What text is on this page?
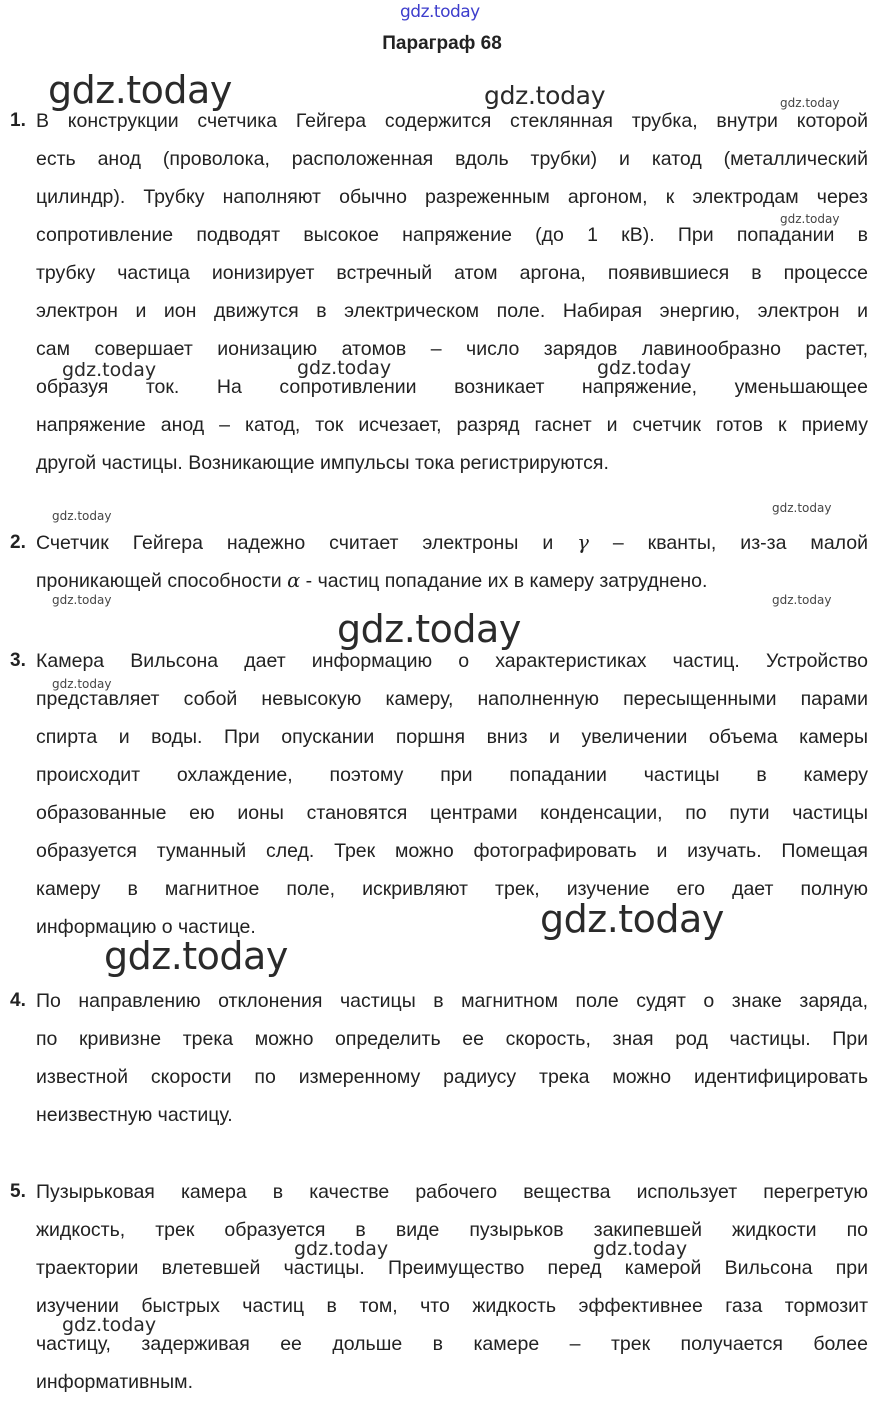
gdz.today
Параграф 68
1. В конструкции счетчика Гейгера содержится стеклянная трубка, внутри которой
есть анод (проволока, расположенная вдоль трубки) и катод (металлический
цилиндр). Трубку наполняют обычно разреженным аргоном, к электродам через
сопротивление подводят высокое напряжение (до 1 кВ). При попадании в
трубку частица ионизирует встречный атом аргона, появившиеся в процессе
электрон и ион движутся в электрическом поле. Набирая энергию, электрон и
сам совершает ионизацию атомов – число зарядов лавинообразно растет,
образуя ток. На сопротивлении возникает напряжение, уменьшающее
напряжение анод – катод, ток исчезает, разряд гаснет и счетчик готов к приему
другой частицы. Возникающие импульсы тока регистрируются.
2. Счетчик Гейгера надежно считает электроны и γ – кванты, из-за малой
проникающей способности α - частиц попадание их в камеру затруднено.
3. Камера Вильсона дает информацию о характеристиках частиц. Устройство
представляет собой невысокую камеру, наполненную пересыщенными парами
спирта и воды. При опускании поршня вниз и увеличении объема камеры
происходит охлаждение, поэтому при попадании частицы в камеру
образованные ею ионы становятся центрами конденсации, по пути частицы
образуется туманный след. Трек можно фотографировать и изучать. Помещая
камеру в магнитное поле, искривляют трек, изучение его дает полную
информацию о частице.
4. По направлению отклонения частицы в магнитном поле судят о знаке заряда,
по кривизне трека можно определить ее скорость, зная род частицы. При
известной скорости по измеренному радиусу трека можно идентифицировать
неизвестную частицу.
5. Пузырьковая камера в качестве рабочего вещества использует перегретую
жидкость, трек образуется в виде пузырьков закипевшей жидкости по
траектории влетевшей частицы. Преимущество перед камерой Вильсона при
изучении быстрых частиц в том, что жидкость эффективнее газа тормозит
частицу, задерживая ее дольше в камере – трек получается более
информативным.
gdz.today	gdz.today	gdz.today
gdz.today
gdz.today	gdz.today	gdz.today
gdz.today
gdz.today
gdz.today	gdz.today
gdz.today
gdz.today
gdz.today
gdz.today
gdz.today	gdz.today
gdz.today
